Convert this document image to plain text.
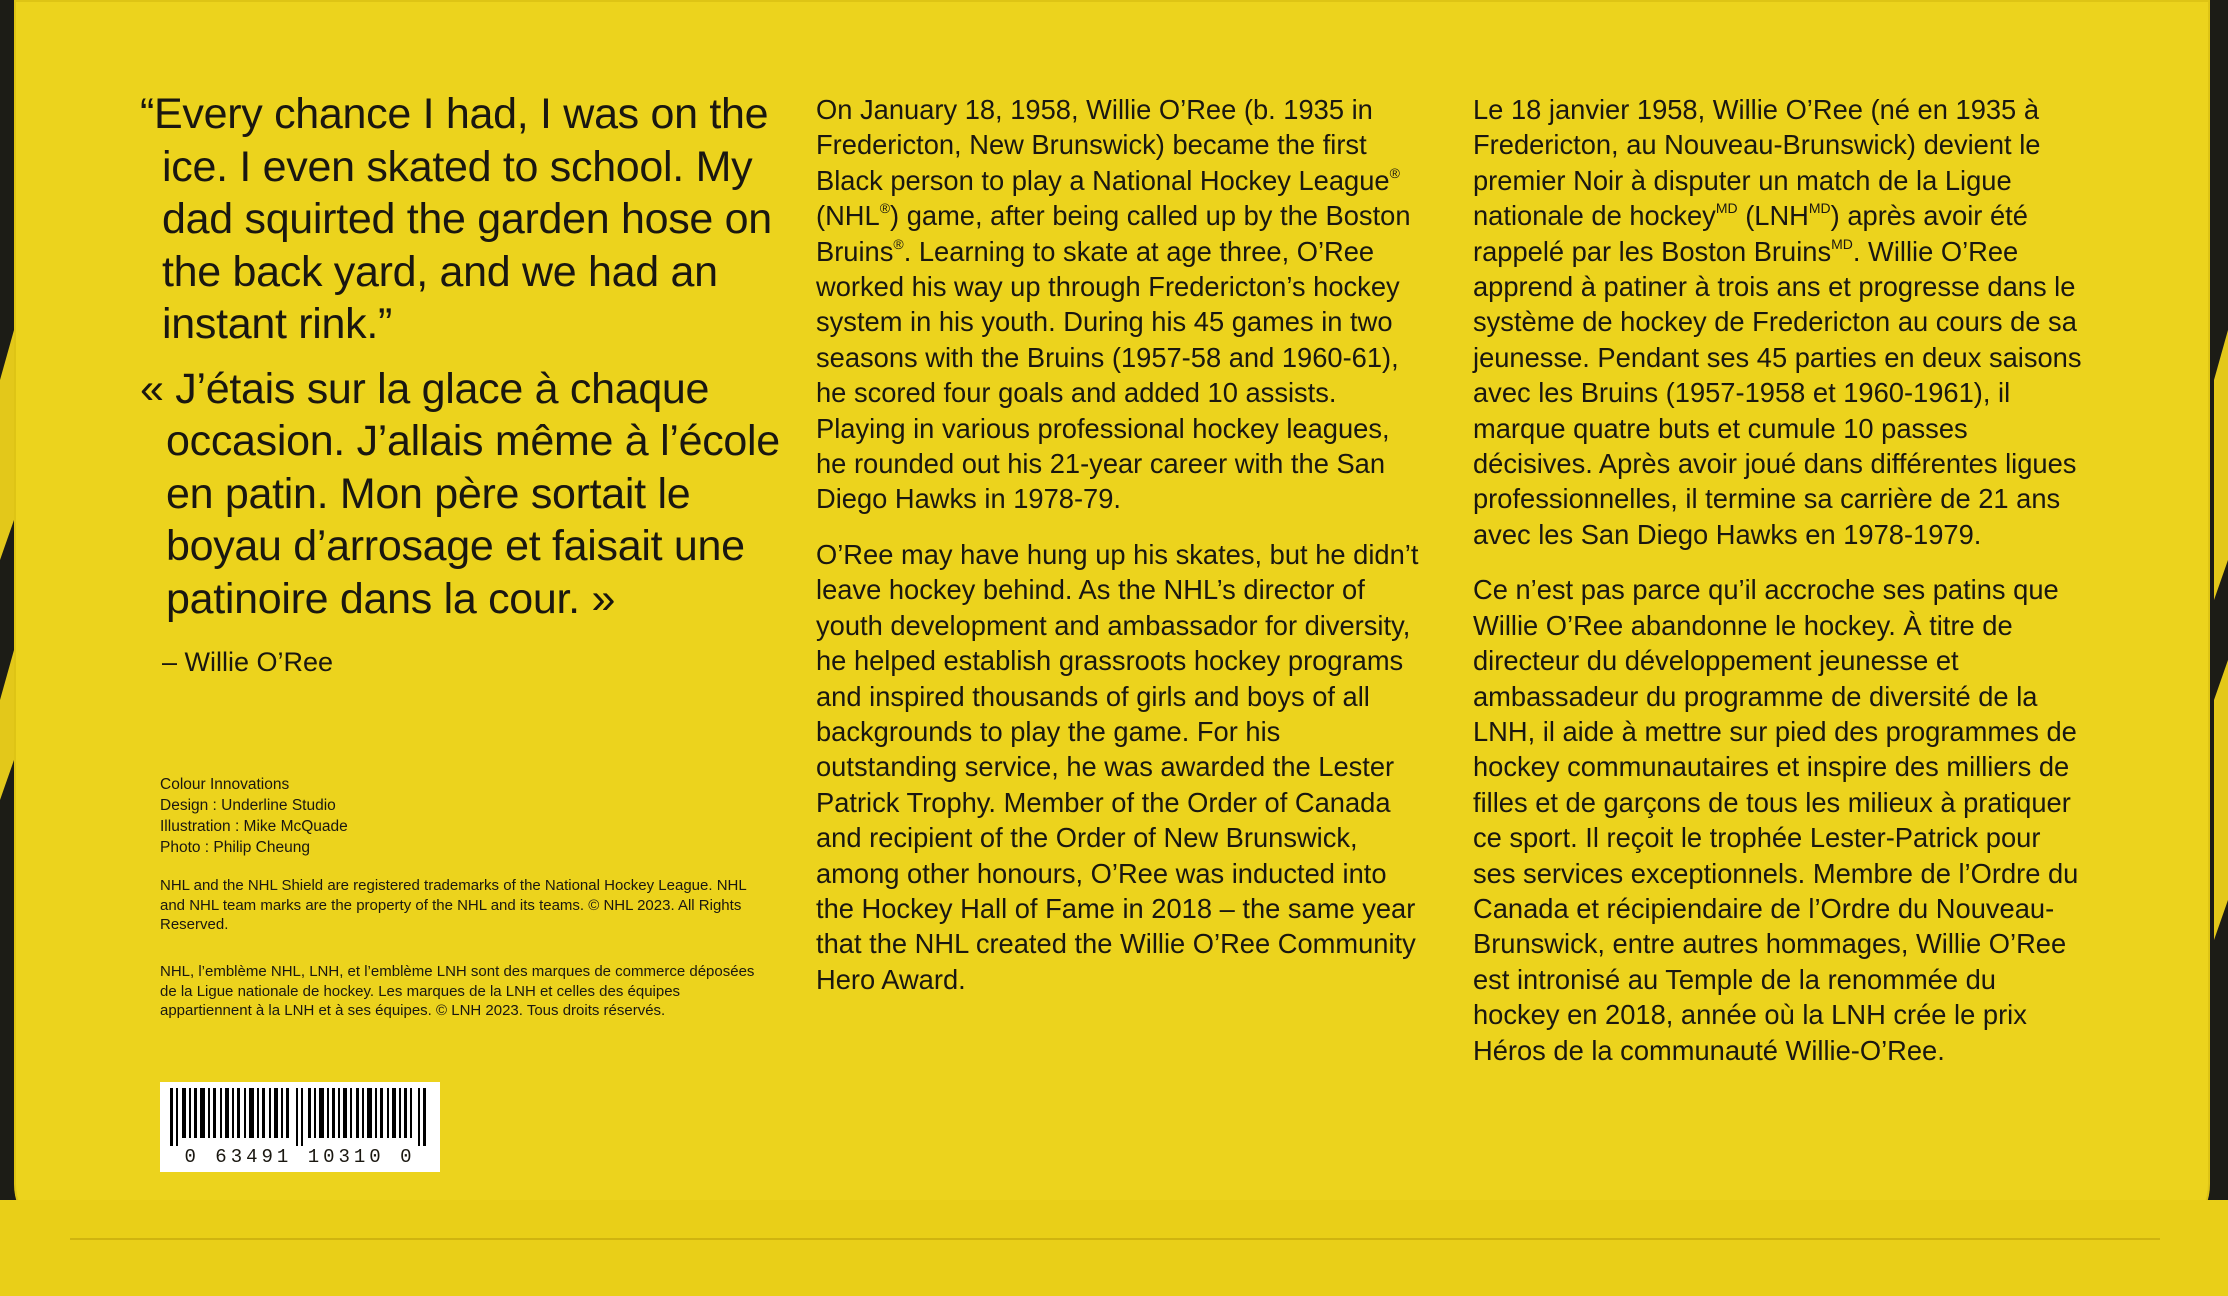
“Every chance I had, I was on the ice. I even skated to school. My dad squirted the garden hose on the back yard, and we had an instant rink.”

« J’étais sur la glace à chaque occasion. J’allais même à l’école en patin. Mon père sortait le boyau d’arrosage et faisait une patinoire dans la cour. »

– Willie O’Ree

Colour Innovations

Design : Underline Studio

Illustration : Mike McQuade

Photo : Philip Cheung

NHL and the NHL Shield are registered trademarks of the National Hockey League. NHL and NHL team marks are the property of the NHL and its teams. © NHL 2023. All Rights Reserved.

NHL, l’emblème NHL, LNH, et l’emblème LNH sont des marques de commerce déposées de la Ligue nationale de hockey. Les marques de la LNH et celles des équipes appartiennent à la LNH et à ses équipes. © LNH 2023. Tous droits réservés.

0 63491 10310 0

On January 18, 1958, Willie O’Ree (b. 1935 in Fredericton, New Brunswick) became the first Black person to play a National Hockey League® (NHL®) game, after being called up by the Boston Bruins®. Learning to skate at age three, O’Ree worked his way up through Fredericton’s hockey system in his youth. During his 45 games in two seasons with the Bruins (1957-58 and 1960-61), he scored four goals and added 10 assists. Playing in various professional hockey leagues, he rounded out his 21-year career with the San Diego Hawks in 1978-79.

O’Ree may have hung up his skates, but he didn’t leave hockey behind. As the NHL’s director of youth development and ambassador for diversity, he helped establish grassroots hockey programs and inspired thousands of girls and boys of all backgrounds to play the game. For his outstanding service, he was awarded the Lester Patrick Trophy. Member of the Order of Canada and recipient of the Order of New Brunswick, among other honours, O’Ree was inducted into the Hockey Hall of Fame in 2018 – the same year that the NHL created the Willie O’Ree Community Hero Award.

Le 18 janvier 1958, Willie O’Ree (né en 1935 à Fredericton, au Nouveau-Brunswick) devient le premier Noir à disputer un match de la Ligue nationale de hockey$^{MD}$ $(LNH^{MD})$ après avoir été rappelé par les Boston Bruins$^{MD}$. Willie O’Ree apprend à patiner à trois ans et progresse dans le système de hockey de Fredericton au cours de sa jeunesse. Pendant ses 45 parties en deux saisons avec les Bruins (1957-1958 et 1960-1961), il marque quatre buts et cumule 10 passes décisives. Après avoir joué dans différentes ligues professionnelles, il termine sa carrière de 21 ans avec les San Diego Hawks en 1978-1979.

Ce n’est pas parce qu’il accroche ses patins que Willie O’Ree abandonne le hockey. À titre de directeur du développement jeunesse et ambassadeur du programme de diversité de la LNH, il aide à mettre sur pied des programmes de hockey communautaires et inspire des milliers de filles et de garçons de tous les milieux à pratiquer ce sport. Il reçoit le trophée Lester-Patrick pour ses services exceptionnels. Membre de l’Ordre du Canada et récipiendaire de l’Ordre du Nouveau-Brunswick, entre autres hommages, Willie O’Ree est intronisé au Temple de la renommée du hockey en 2018, année où la LNH crée le prix Héros de la communauté Willie-O’Ree.
